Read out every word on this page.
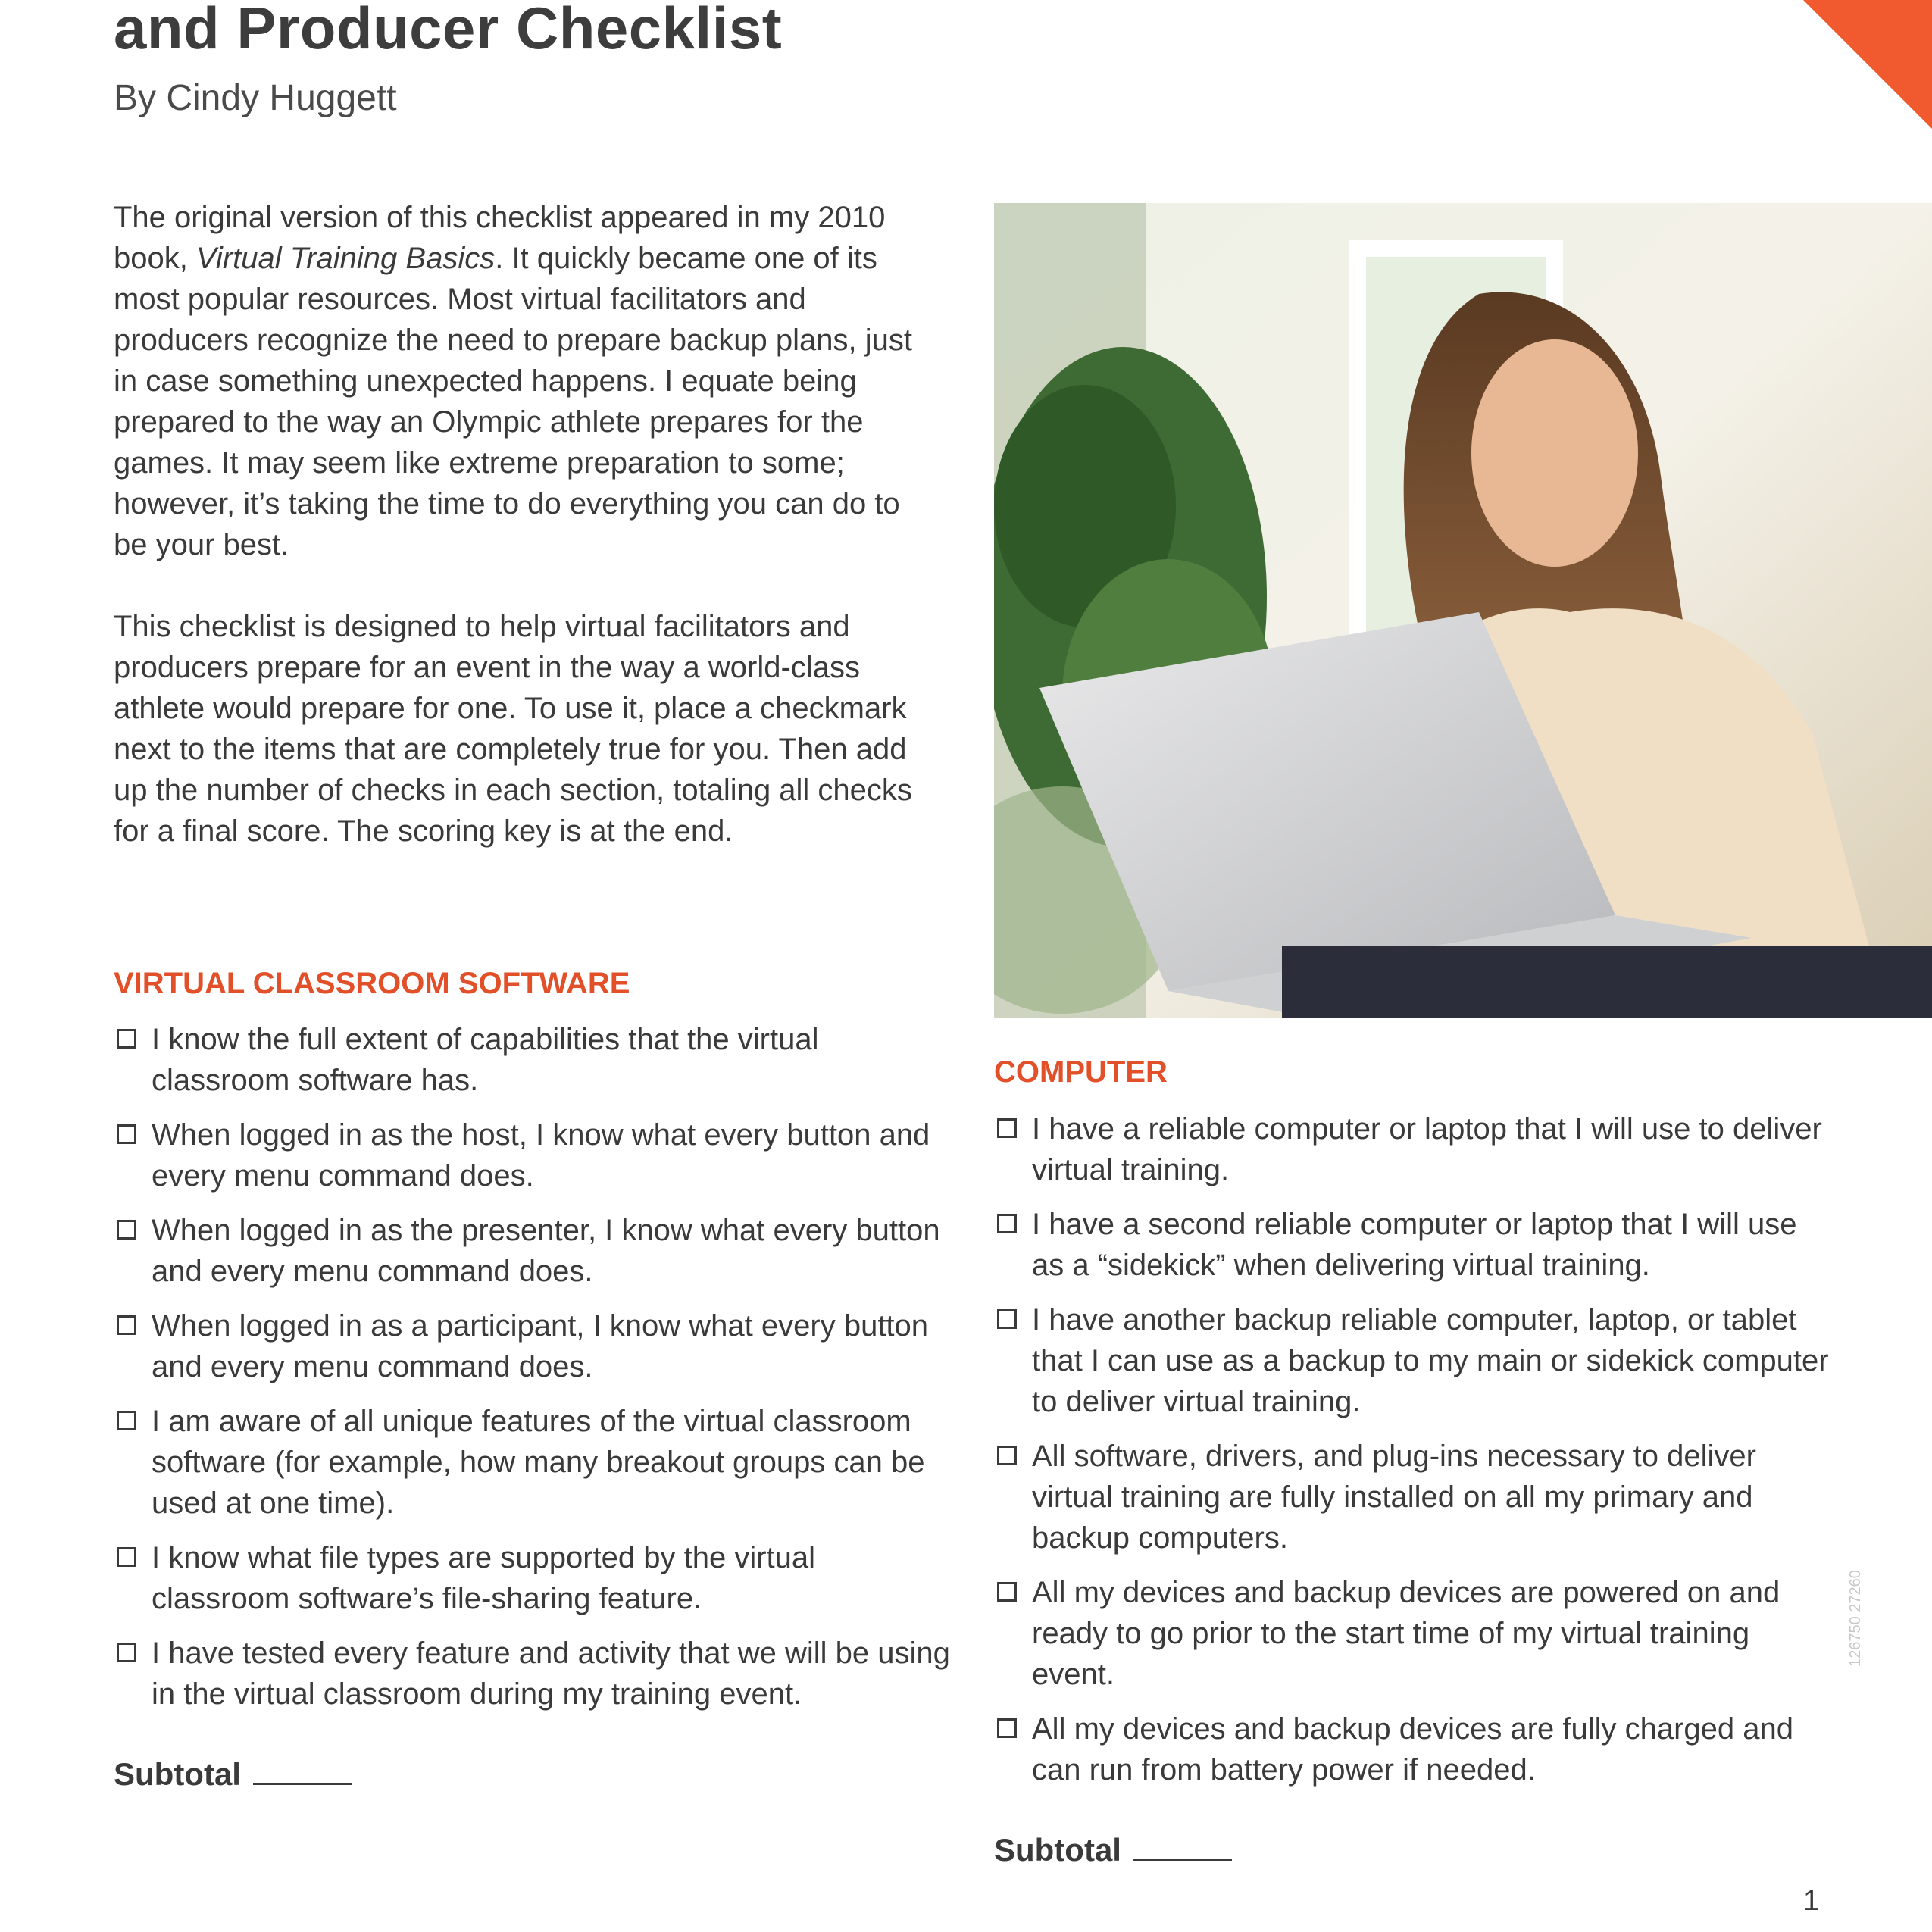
and Producer Checklist

By Cindy Huggett

The original version of this checklist appeared in my 2010 book, Virtual Training Basics. It quickly became one of its most popular resources. Most virtual facilitators and producers recognize the need to prepare backup plans, just in case something unexpected happens. I equate being prepared to the way an Olympic athlete prepares for the games. It may seem like extreme preparation to some; however, it’s taking the time to do everything you can do to be your best.

This checklist is designed to help virtual facilitators and producers prepare for an event in the way a world-class athlete would prepare for one. To use it, place a checkmark next to the items that are completely true for you. Then add up the number of checks in each section, totaling all checks for a final score. The scoring key is at the end.

VIRTUAL CLASSROOM SOFTWARE
I know the full extent of capabilities that the virtual classroom software has.
When logged in as the host, I know what every button and every menu command does.
When logged in as the presenter, I know what every button and every menu command does.
When logged in as a participant, I know what every button and every menu command does.
I am aware of all unique features of the virtual classroom software (for example, how many breakout groups can be used at one time).
I know what file types are supported by the virtual classroom software’s file-sharing feature.
I have tested every feature and activity that we will be using in the virtual classroom during my training event.
Subtotal
COMPUTER
I have a reliable computer or laptop that I will use to deliver virtual training.
I have a second reliable computer or laptop that I will use as a “sidekick” when delivering virtual training.
I have another backup reliable computer, laptop, or tablet that I can use as a backup to my main or sidekick computer to deliver virtual training.
All software, drivers, and plug-ins necessary to deliver virtual training are fully installed on all my primary and backup computers.
All my devices and backup devices are powered on and ready to go prior to the start time of my virtual training event.
All my devices and backup devices are fully charged and can run from battery power if needed.
Subtotal
126750 27260
1
